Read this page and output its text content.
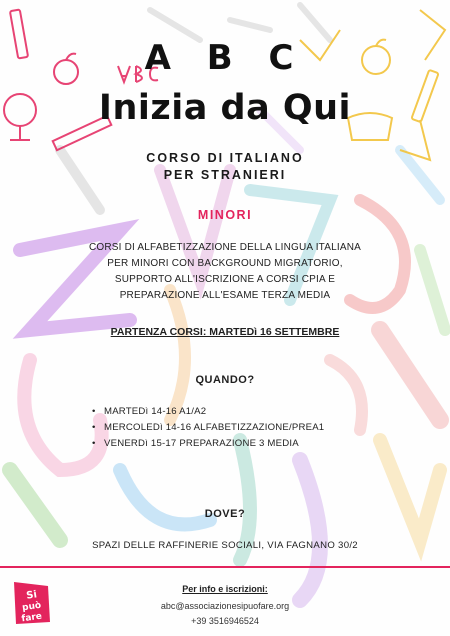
A B C
Inizia da Qui
CORSO DI ITALIANO
PER STRANIERI
MINORI
CORSI DI ALFABETIZZAZIONE DELLA LINGUA ITALIANA
PER MINORI CON BACKGROUND MIGRATORIO,
SUPPORTO ALL'ISCRIZIONE A CORSI CPIA E
PREPARAZIONE ALL'ESAME TERZA MEDIA
PARTENZA CORSI: MARTEDì 16 SETTEMBRE
QUANDO?
• MARTEDì 14-16 A1/A2
• MERCOLEDì 14-16 ALFABETIZZAZIONE/PREA1
• VENERDì 15-17 PREPARAZIONE 3 MEDIA
DOVE?
SPAZI DELLE RAFFINERIE SOCIALI, VIA FAGNANO 30/2
Si
può
fare
Per info e iscrizioni:
abc@associazionesipuofare.org
+39 3516946524
